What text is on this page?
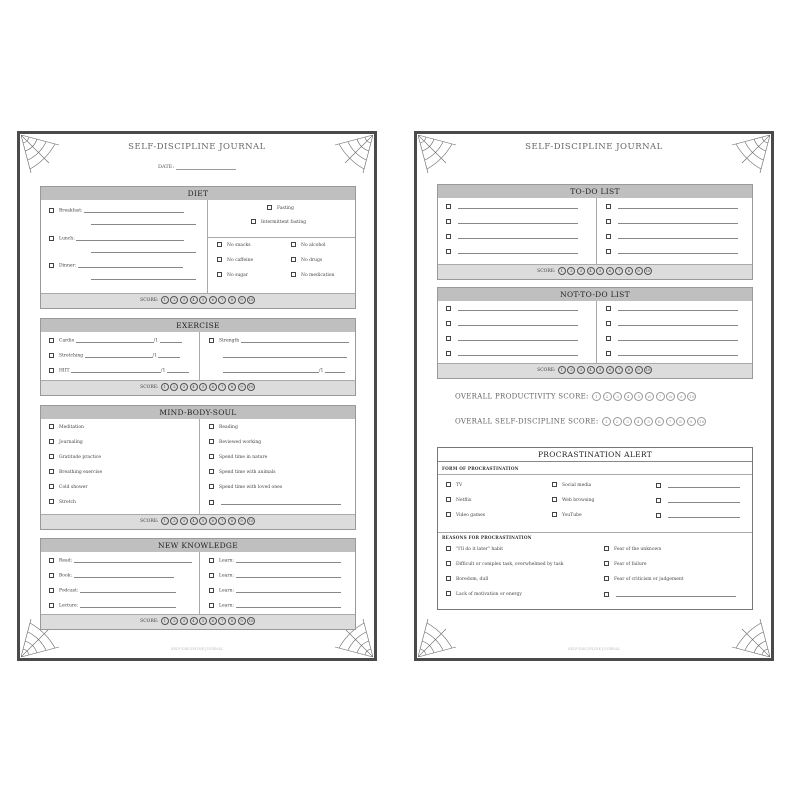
SELF-DISCIPLINE JOURNAL
DATE:
DIET
Breakfast:
Lunch:
Dinner:
Fasting
Intermittent fasting
No snacks
No caffeine
No sugar
No alcohol
No drugs
No medication
SCORE: 1 2 3 4 5 6 7 8 9 10
EXERCISE
Cardio	/1
Stretching	/1
HIIT	/1
Strength
/1
SCORE: 1 2 3 4 5 6 7 8 9 10
MIND-BODY-SOUL
Meditation
Journaling
Gratitude practice
Breathing exercise
Cold shower
Stretch
Reading
Reviewed working
Spend time in nature
Spend time with animals
Spend time with loved ones
SCORE: 1 2 3 4 5 6 7 8 9 10
NEW KNOWLEDGE
Read:
Book:
Podcast:
Lecture:
Learn:
Learn:
Learn:
Learn:
SCORE: 1 2 3 4 5 6 7 8 9 10
SELF-DISCIPLINE JOURNAL
SELF-DISCIPLINE JOURNAL
TO-DO LIST
SCORE: 1 2 3 4 5 6 7 8 9 10
NOT-TO-DO LIST
SCORE: 1 2 3 4 5 6 7 8 9 10
OVERALL PRODUCTIVITY SCORE: 1 2 3 4 5 6 7 8 9 10
OVERALL SELF-DISCIPLINE SCORE: 1 2 3 4 5 6 7 8 9 10
PROCRASTINATION ALERT
FORM OF PROCRASTINATION
TV
Netflix
Video games
Social media
Web browsing
YouTube
REASONS FOR PROCRASTINATION
"I'll do it later" habit
Difficult or complex task, overwhelmed by task
Boredom, dull
Lack of motivation or energy
Fear of the unknown
Fear of failure
Fear of criticism or judgement
SELF-DISCIPLINE JOURNAL
